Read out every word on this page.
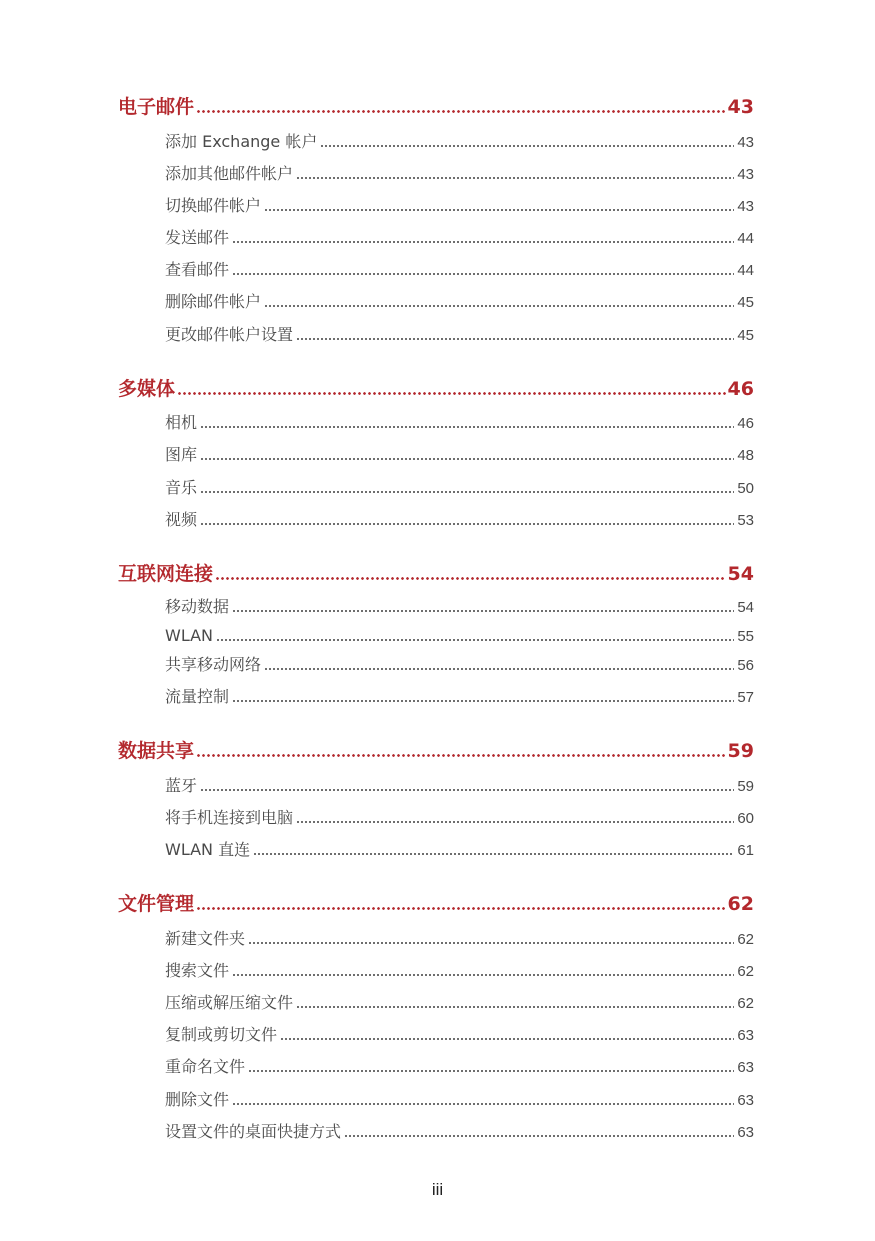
电子邮件	43
添加 Exchange 帐户	43
添加其他邮件帐户	43
切换邮件帐户	43
发送邮件	44
查看邮件	44
删除邮件帐户	45
更改邮件帐户设置	45
多媒体	46
相机	46
图库	48
音乐	50
视频	53
互联网连接	54
移动数据	54
WLAN	55
共享移动网络	56
流量控制	57
数据共享	59
蓝牙	59
将手机连接到电脑	60
WLAN 直连	61
文件管理	62
新建文件夹	62
搜索文件	62
压缩或解压缩文件	62
复制或剪切文件	63
重命名文件	63
删除文件	63
设置文件的桌面快捷方式	63
iii
